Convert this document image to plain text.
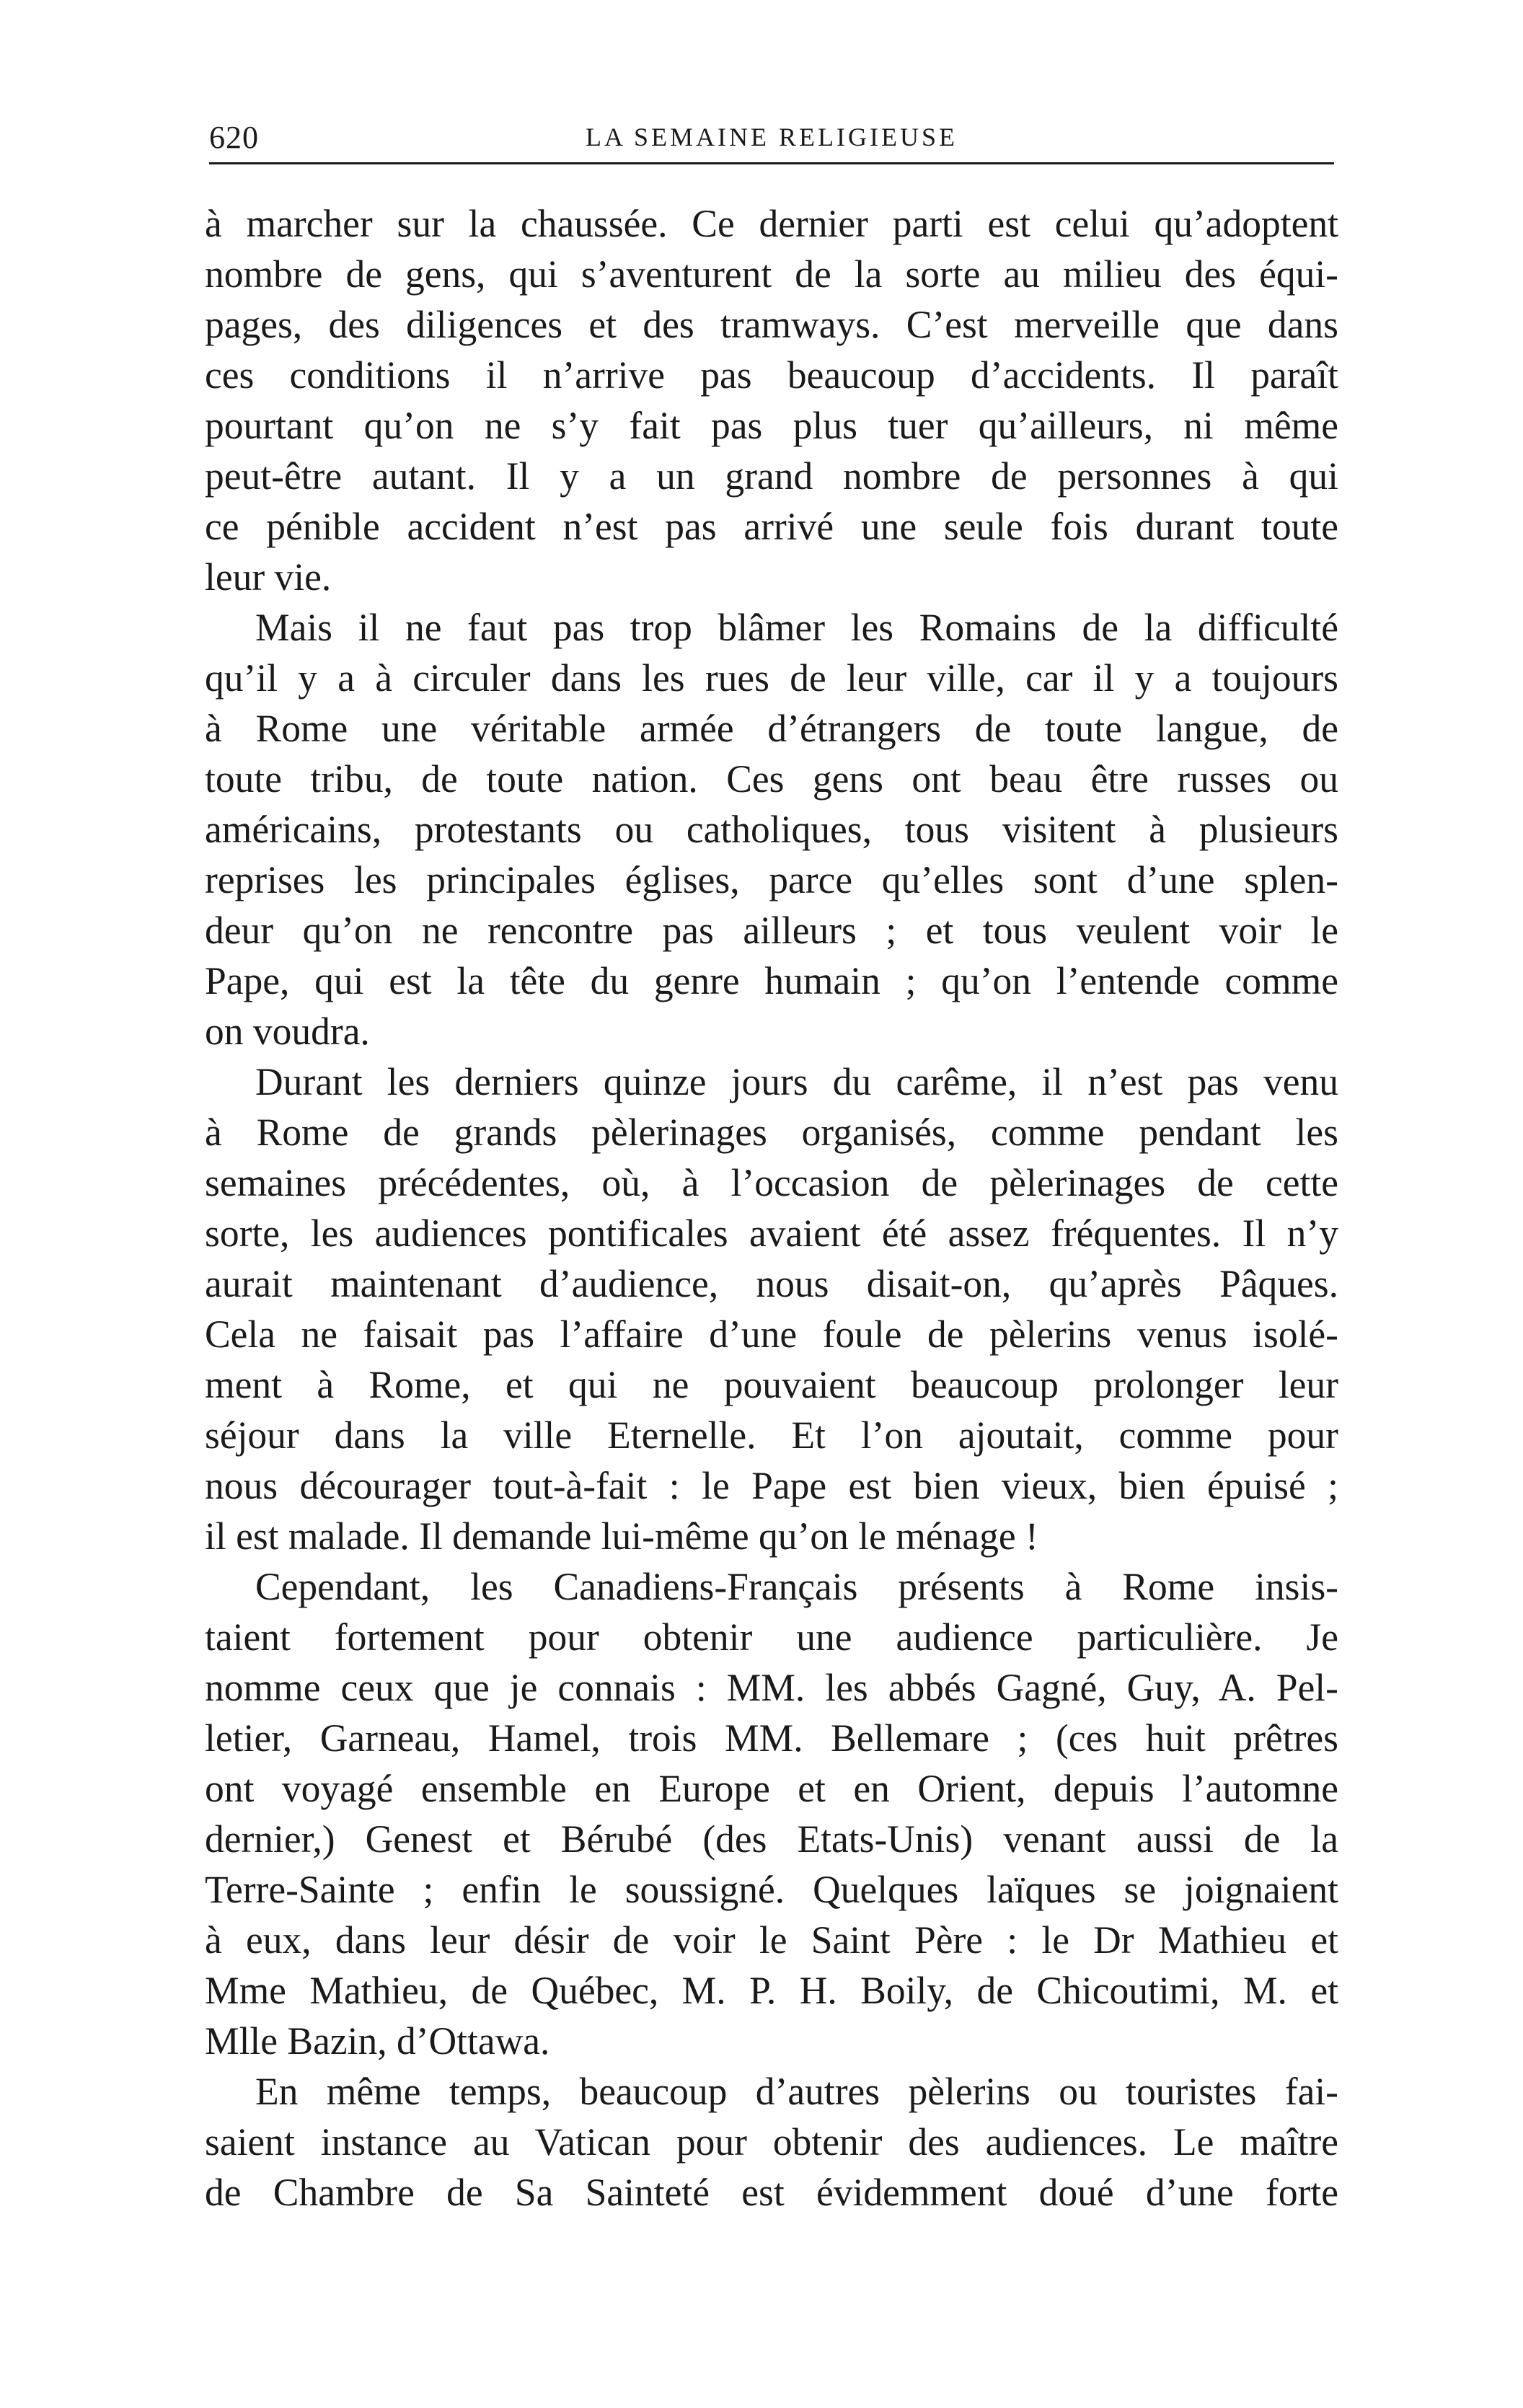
620	LA SEMAINE RELIGIEUSE

à marcher sur la chaussée. Ce dernier parti est celui qu’adoptent
nombre de gens, qui s’aventurent de la sorte au milieu des équi-
pages, des diligences et des tramways. C’est merveille que dans
ces conditions il n’arrive pas beaucoup d’accidents. Il paraît
pourtant qu’on ne s’y fait pas plus tuer qu’ailleurs, ni même
peut-être autant. Il y a un grand nombre de personnes à qui
ce pénible accident n’est pas arrivé une seule fois durant toute
leur vie.

Mais il ne faut pas trop blâmer les Romains de la difficulté
qu’il y a à circuler dans les rues de leur ville, car il y a toujours
à Rome une véritable armée d’étrangers de toute langue, de
toute tribu, de toute nation. Ces gens ont beau être russes ou
américains, protestants ou catholiques, tous visitent à plusieurs
reprises les principales églises, parce qu’elles sont d’une splen-
deur qu’on ne rencontre pas ailleurs ; et tous veulent voir le
Pape, qui est la tête du genre humain ; qu’on l’entende comme
on voudra.

Durant les derniers quinze jours du carême, il n’est pas venu
à Rome de grands pèlerinages organisés, comme pendant les
semaines précédentes, où, à l’occasion de pèlerinages de cette
sorte, les audiences pontificales avaient été assez fréquentes. Il n’y
aurait maintenant d’audience, nous disait-on, qu’après Pâques.
Cela ne faisait pas l’affaire d’une foule de pèlerins venus isolé-
ment à Rome, et qui ne pouvaient beaucoup prolonger leur
séjour dans la ville Eternelle. Et l’on ajoutait, comme pour
nous décourager tout-à-fait : le Pape est bien vieux, bien épuisé ;
il est malade. Il demande lui-même qu’on le ménage !

Cependant, les Canadiens-Français présents à Rome insis-
taient fortement pour obtenir une audience particulière. Je
nomme ceux que je connais : MM. les abbés Gagné, Guy, A. Pel-
letier, Garneau, Hamel, trois MM. Bellemare ; (ces huit prêtres
ont voyagé ensemble en Europe et en Orient, depuis l’automne
dernier,) Genest et Bérubé (des Etats-Unis) venant aussi de la
Terre-Sainte ; enfin le soussigné. Quelques laïques se joignaient
à eux, dans leur désir de voir le Saint Père : le Dr Mathieu et
Mme Mathieu, de Québec, M. P. H. Boily, de Chicoutimi, M. et
Mlle Bazin, d’Ottawa.

En même temps, beaucoup d’autres pèlerins ou touristes fai-
saient instance au Vatican pour obtenir des audiences. Le maître
de Chambre de Sa Sainteté est évidemment doué d’une forte
